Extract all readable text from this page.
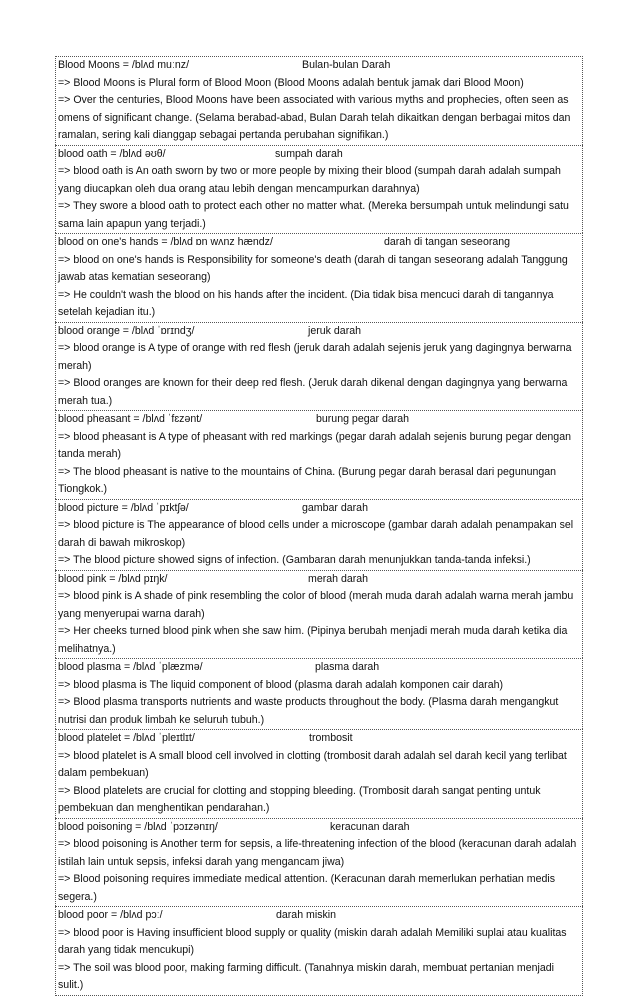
Blood Moons = /blʌd muːnz/	Bulan-bulan Darah
=> Blood Moons is Plural form of Blood Moon (Blood Moons adalah bentuk jamak dari Blood Moon)
=> Over the centuries, Blood Moons have been associated with various myths and prophecies, often seen as omens of significant change. (Selama berabad-abad, Bulan Darah telah dikaitkan dengan berbagai mitos dan ramalan, sering kali dianggap sebagai pertanda perubahan signifikan.)
blood oath = /blʌd əʊθ/	sumpah darah
=> blood oath is An oath sworn by two or more people by mixing their blood (sumpah darah adalah sumpah yang diucapkan oleh dua orang atau lebih dengan mencampurkan darahnya)
=> They swore a blood oath to protect each other no matter what. (Mereka bersumpah untuk melindungi satu sama lain apapun yang terjadi.)
blood on one's hands = /blʌd ɒn wʌnz hændz/	darah di tangan seseorang
=> blood on one's hands is Responsibility for someone's death (darah di tangan seseorang adalah Tanggung jawab atas kematian seseorang)
=> He couldn't wash the blood on his hands after the incident. (Dia tidak bisa mencuci darah di tangannya setelah kejadian itu.)
blood orange = /blʌd ˈɒrɪndʒ/	jeruk darah
=> blood orange is A type of orange with red flesh (jeruk darah adalah sejenis jeruk yang dagingnya berwarna merah)
=> Blood oranges are known for their deep red flesh. (Jeruk darah dikenal dengan dagingnya yang berwarna merah tua.)
blood pheasant = /blʌd ˈfɛzənt/	burung pegar darah
=> blood pheasant is A type of pheasant with red markings (pegar darah adalah sejenis burung pegar dengan tanda merah)
=> The blood pheasant is native to the mountains of China. (Burung pegar darah berasal dari pegunungan Tiongkok.)
blood picture = /blʌd ˈpɪktʃə/	gambar darah
=> blood picture is The appearance of blood cells under a microscope (gambar darah adalah penampakan sel darah di bawah mikroskop)
=> The blood picture showed signs of infection. (Gambaran darah menunjukkan tanda-tanda infeksi.)
blood pink = /blʌd pɪŋk/	merah darah
=> blood pink is A shade of pink resembling the color of blood (merah muda darah adalah warna merah jambu yang menyerupai warna darah)
=> Her cheeks turned blood pink when she saw him. (Pipinya berubah menjadi merah muda darah ketika dia melihatnya.)
blood plasma = /blʌd ˈplæzmə/	plasma darah
=> blood plasma is The liquid component of blood (plasma darah adalah komponen cair darah)
=> Blood plasma transports nutrients and waste products throughout the body. (Plasma darah mengangkut nutrisi dan produk limbah ke seluruh tubuh.)
blood platelet = /blʌd ˈpleɪtlɪt/	trombosit
=> blood platelet is A small blood cell involved in clotting (trombosit darah adalah sel darah kecil yang terlibat dalam pembekuan)
=> Blood platelets are crucial for clotting and stopping bleeding. (Trombosit darah sangat penting untuk pembekuan dan menghentikan pendarahan.)
blood poisoning = /blʌd ˈpɔɪzənɪŋ/	keracunan darah
=> blood poisoning is Another term for sepsis, a life-threatening infection of the blood (keracunan darah adalah istilah lain untuk sepsis, infeksi darah yang mengancam jiwa)
=> Blood poisoning requires immediate medical attention. (Keracunan darah memerlukan perhatian medis segera.)
blood poor = /blʌd pɔː/	darah miskin
=> blood poor is Having insufficient blood supply or quality (miskin darah adalah Memiliki suplai atau kualitas darah yang tidak mencukupi)
=> The soil was blood poor, making farming difficult. (Tanahnya miskin darah, membuat pertanian menjadi sulit.)
